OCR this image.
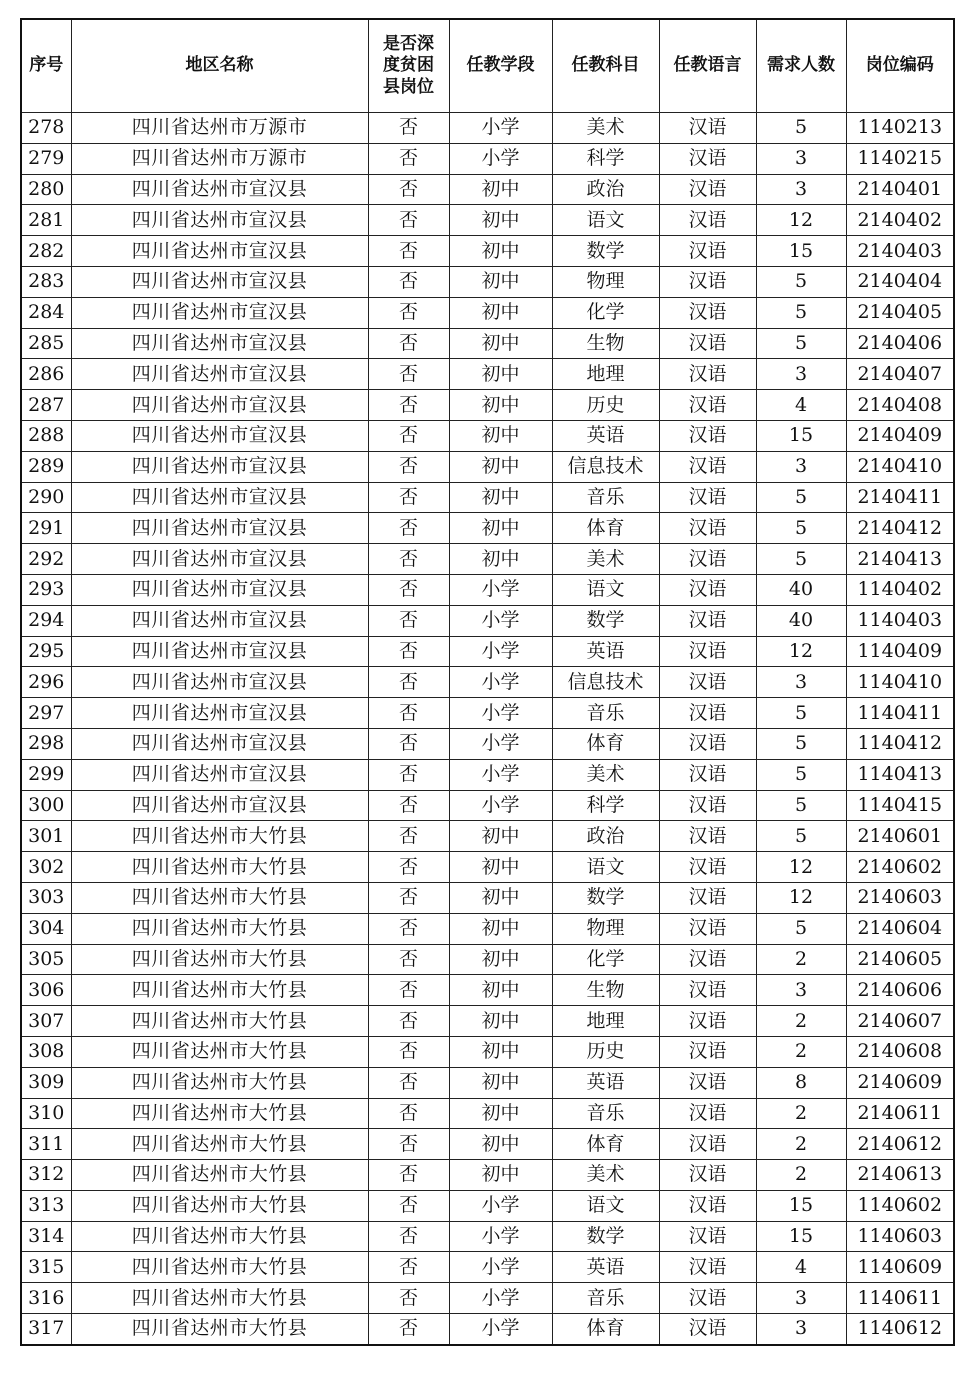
序号	地区名称	是否深度贫困县岗位	任教学段	任教科目	任教语言	需求人数	岗位编码
278	四川省达州市万源市	否	小学	美术	汉语	5	1140213
279	四川省达州市万源市	否	小学	科学	汉语	3	1140215
280	四川省达州市宣汉县	否	初中	政治	汉语	3	2140401
281	四川省达州市宣汉县	否	初中	语文	汉语	12	2140402
282	四川省达州市宣汉县	否	初中	数学	汉语	15	2140403
283	四川省达州市宣汉县	否	初中	物理	汉语	5	2140404
284	四川省达州市宣汉县	否	初中	化学	汉语	5	2140405
285	四川省达州市宣汉县	否	初中	生物	汉语	5	2140406
286	四川省达州市宣汉县	否	初中	地理	汉语	3	2140407
287	四川省达州市宣汉县	否	初中	历史	汉语	4	2140408
288	四川省达州市宣汉县	否	初中	英语	汉语	15	2140409
289	四川省达州市宣汉县	否	初中	信息技术	汉语	3	2140410
290	四川省达州市宣汉县	否	初中	音乐	汉语	5	2140411
291	四川省达州市宣汉县	否	初中	体育	汉语	5	2140412
292	四川省达州市宣汉县	否	初中	美术	汉语	5	2140413
293	四川省达州市宣汉县	否	小学	语文	汉语	40	1140402
294	四川省达州市宣汉县	否	小学	数学	汉语	40	1140403
295	四川省达州市宣汉县	否	小学	英语	汉语	12	1140409
296	四川省达州市宣汉县	否	小学	信息技术	汉语	3	1140410
297	四川省达州市宣汉县	否	小学	音乐	汉语	5	1140411
298	四川省达州市宣汉县	否	小学	体育	汉语	5	1140412
299	四川省达州市宣汉县	否	小学	美术	汉语	5	1140413
300	四川省达州市宣汉县	否	小学	科学	汉语	5	1140415
301	四川省达州市大竹县	否	初中	政治	汉语	5	2140601
302	四川省达州市大竹县	否	初中	语文	汉语	12	2140602
303	四川省达州市大竹县	否	初中	数学	汉语	12	2140603
304	四川省达州市大竹县	否	初中	物理	汉语	5	2140604
305	四川省达州市大竹县	否	初中	化学	汉语	2	2140605
306	四川省达州市大竹县	否	初中	生物	汉语	3	2140606
307	四川省达州市大竹县	否	初中	地理	汉语	2	2140607
308	四川省达州市大竹县	否	初中	历史	汉语	2	2140608
309	四川省达州市大竹县	否	初中	英语	汉语	8	2140609
310	四川省达州市大竹县	否	初中	音乐	汉语	2	2140611
311	四川省达州市大竹县	否	初中	体育	汉语	2	2140612
312	四川省达州市大竹县	否	初中	美术	汉语	2	2140613
313	四川省达州市大竹县	否	小学	语文	汉语	15	1140602
314	四川省达州市大竹县	否	小学	数学	汉语	15	1140603
315	四川省达州市大竹县	否	小学	英语	汉语	4	1140609
316	四川省达州市大竹县	否	小学	音乐	汉语	3	1140611
317	四川省达州市大竹县	否	小学	体育	汉语	3	1140612
